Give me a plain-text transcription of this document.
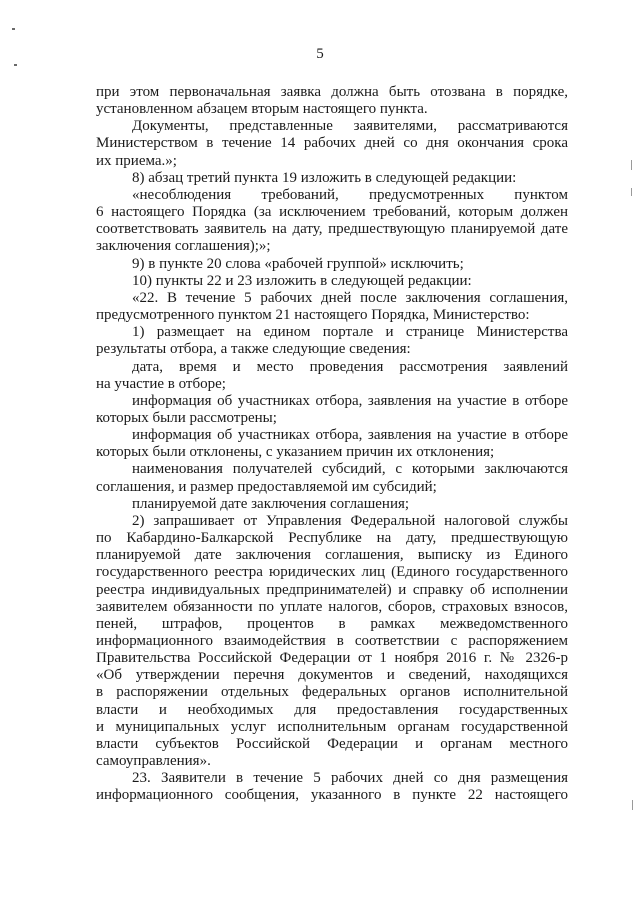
5
при этом первоначальная заявка должна быть отозвана в порядке,
установленном абзацем вторым настоящего пункта.
Документы, представленные заявителями, рассматриваются
Министерством в течение 14 рабочих дней со дня окончания срока
их приема.»;
8) абзац третий пункта 19 изложить в следующей редакции:
«несоблюдения требований, предусмотренных пунктом
6 настоящего Порядка (за исключением требований, которым должен
соответствовать заявитель на дату, предшествующую планируемой дате
заключения соглашения);»;
9) в пункте 20 слова «рабочей группой» исключить;
10) пункты 22 и 23 изложить в следующей редакции:
«22. В течение 5 рабочих дней после заключения соглашения,
предусмотренного пунктом 21 настоящего Порядка, Министерство:
1) размещает на едином портале и странице Министерства
результаты отбора, а также следующие сведения:
дата, время и место проведения рассмотрения заявлений
на участие в отборе;
информация об участниках отбора, заявления на участие в отборе
которых были рассмотрены;
информация об участниках отбора, заявления на участие в отборе
которых были отклонены, с указанием причин их отклонения;
наименования получателей субсидий, с которыми заключаются
соглашения, и размер предоставляемой им субсидий;
планируемой дате заключения соглашения;
2) запрашивает от Управления Федеральной налоговой службы
по Кабардино-Балкарской Республике на дату, предшествующую
планируемой дате заключения соглашения, выписку из Единого
государственного реестра юридических лиц (Единого государственного
реестра индивидуальных предпринимателей) и справку об исполнении
заявителем обязанности по уплате налогов, сборов, страховых взносов,
пеней, штрафов, процентов в рамках межведомственного
информационного взаимодействия в соответствии с распоряжением
Правительства Российской Федерации от 1 ноября 2016 г. № 2326-р
«Об утверждении перечня документов и сведений, находящихся
в распоряжении отдельных федеральных органов исполнительной
власти и необходимых для предоставления государственных
и муниципальных услуг исполнительным органам государственной
власти субъектов Российской Федерации и органам местного
самоуправления».
23. Заявители в течение 5 рабочих дней со дня размещения
информационного сообщения, указанного в пункте 22 настоящего
